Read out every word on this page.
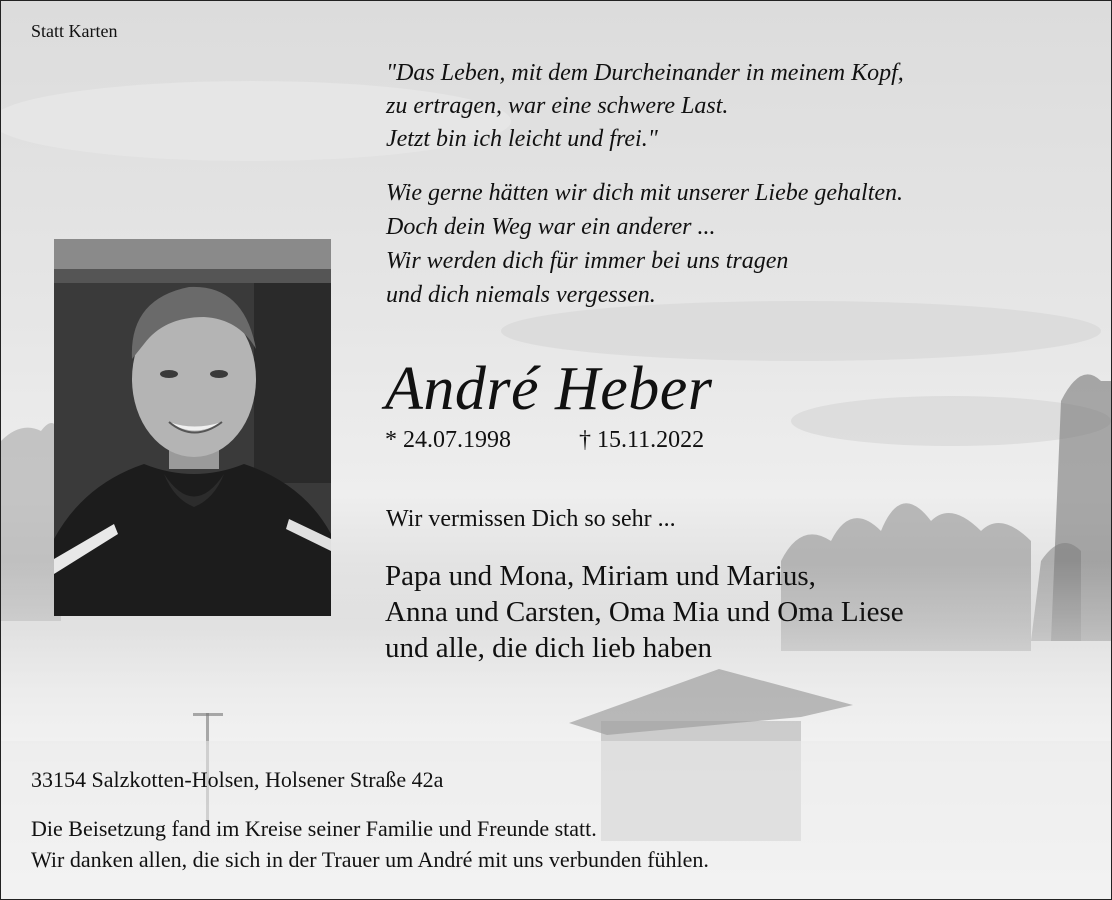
Statt Karten
"Das Leben, mit dem Durcheinander in meinem Kopf,
zu ertragen, war eine schwere Last.
Jetzt bin ich leicht und frei."
Wie gerne hätten wir dich mit unserer Liebe gehalten.
Doch dein Weg war ein anderer ...
Wir werden dich für immer bei uns tragen
und dich niemals vergessen.
André Heber
* 24.07.1998	† 15.11.2022
Wir vermissen Dich so sehr ...
Papa und Mona, Miriam und Marius,
Anna und Carsten, Oma Mia und Oma Liese
und alle, die dich lieb haben
33154 Salzkotten-Holsen, Holsener Straße 42a
Die Beisetzung fand im Kreise seiner Familie und Freunde statt.
Wir danken allen, die sich in der Trauer um André mit uns verbunden fühlen.
